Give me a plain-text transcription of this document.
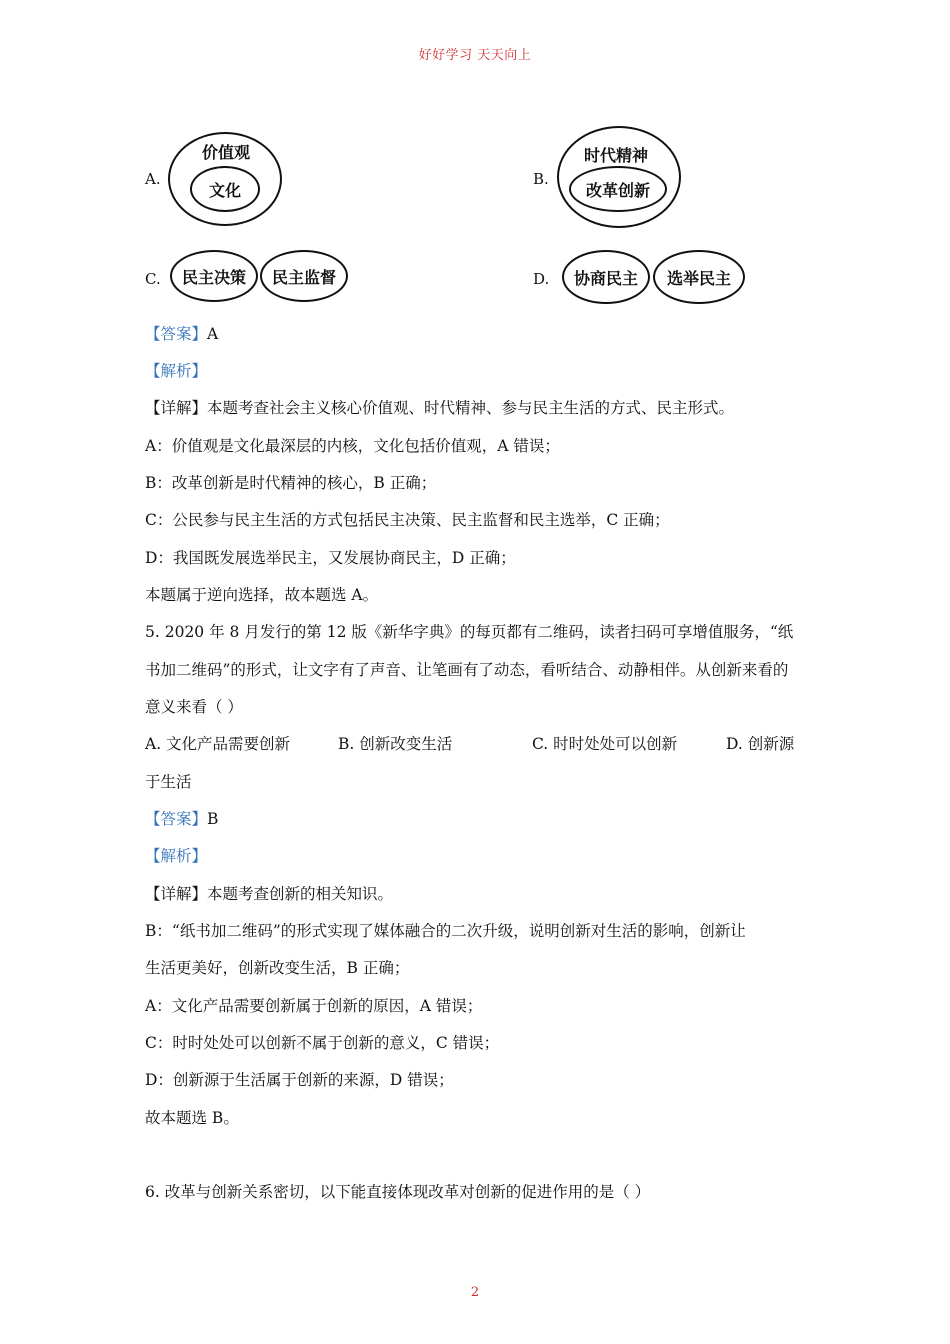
好好学习 天天向上
A.
价值观
文化
B.
时代精神
改革创新
C.	民主决策	民主监督	D.	协商民主	选举民主
【答案】A
【解析】
【详解】本题考查社会主义核心价值观、时代精神、参与民主生活的方式、民主形式。
A：价值观是文化最深层的内核，文化包括价值观，A 错误；
B：改革创新是时代精神的核心，B 正确；
C：公民参与民主生活的方式包括民主决策、民主监督和民主选举，C 正确；
D：我国既发展选举民主，又发展协商民主，D 正确；
本题属于逆向选择，故本题选 A。
5. 2020 年 8 月发行的第 12 版《新华字典》的每页都有二维码，读者扫码可享增值服务，“纸
书加二维码”的形式，让文字有了声音、让笔画有了动态，看听结合、动静相伴。从创新来看的
意义来看（ ）
A. 文化产品需要创新	B. 创新改变生活	C. 时时处处可以创新	D. 创新源
于生活
【答案】B
【解析】
【详解】本题考查创新的相关知识。
B：“纸书加二维码”的形式实现了媒体融合的二次升级，说明创新对生活的影响，创新让
生活更美好，创新改变生活，B 正确；
A：文化产品需要创新属于创新的原因，A 错误；
C：时时处处可以创新不属于创新的意义，C 错误；
D：创新源于生活属于创新的来源，D 错误；
故本题选 B。
6. 改革与创新关系密切，以下能直接体现改革对创新的促进作用的是（ ）
2
